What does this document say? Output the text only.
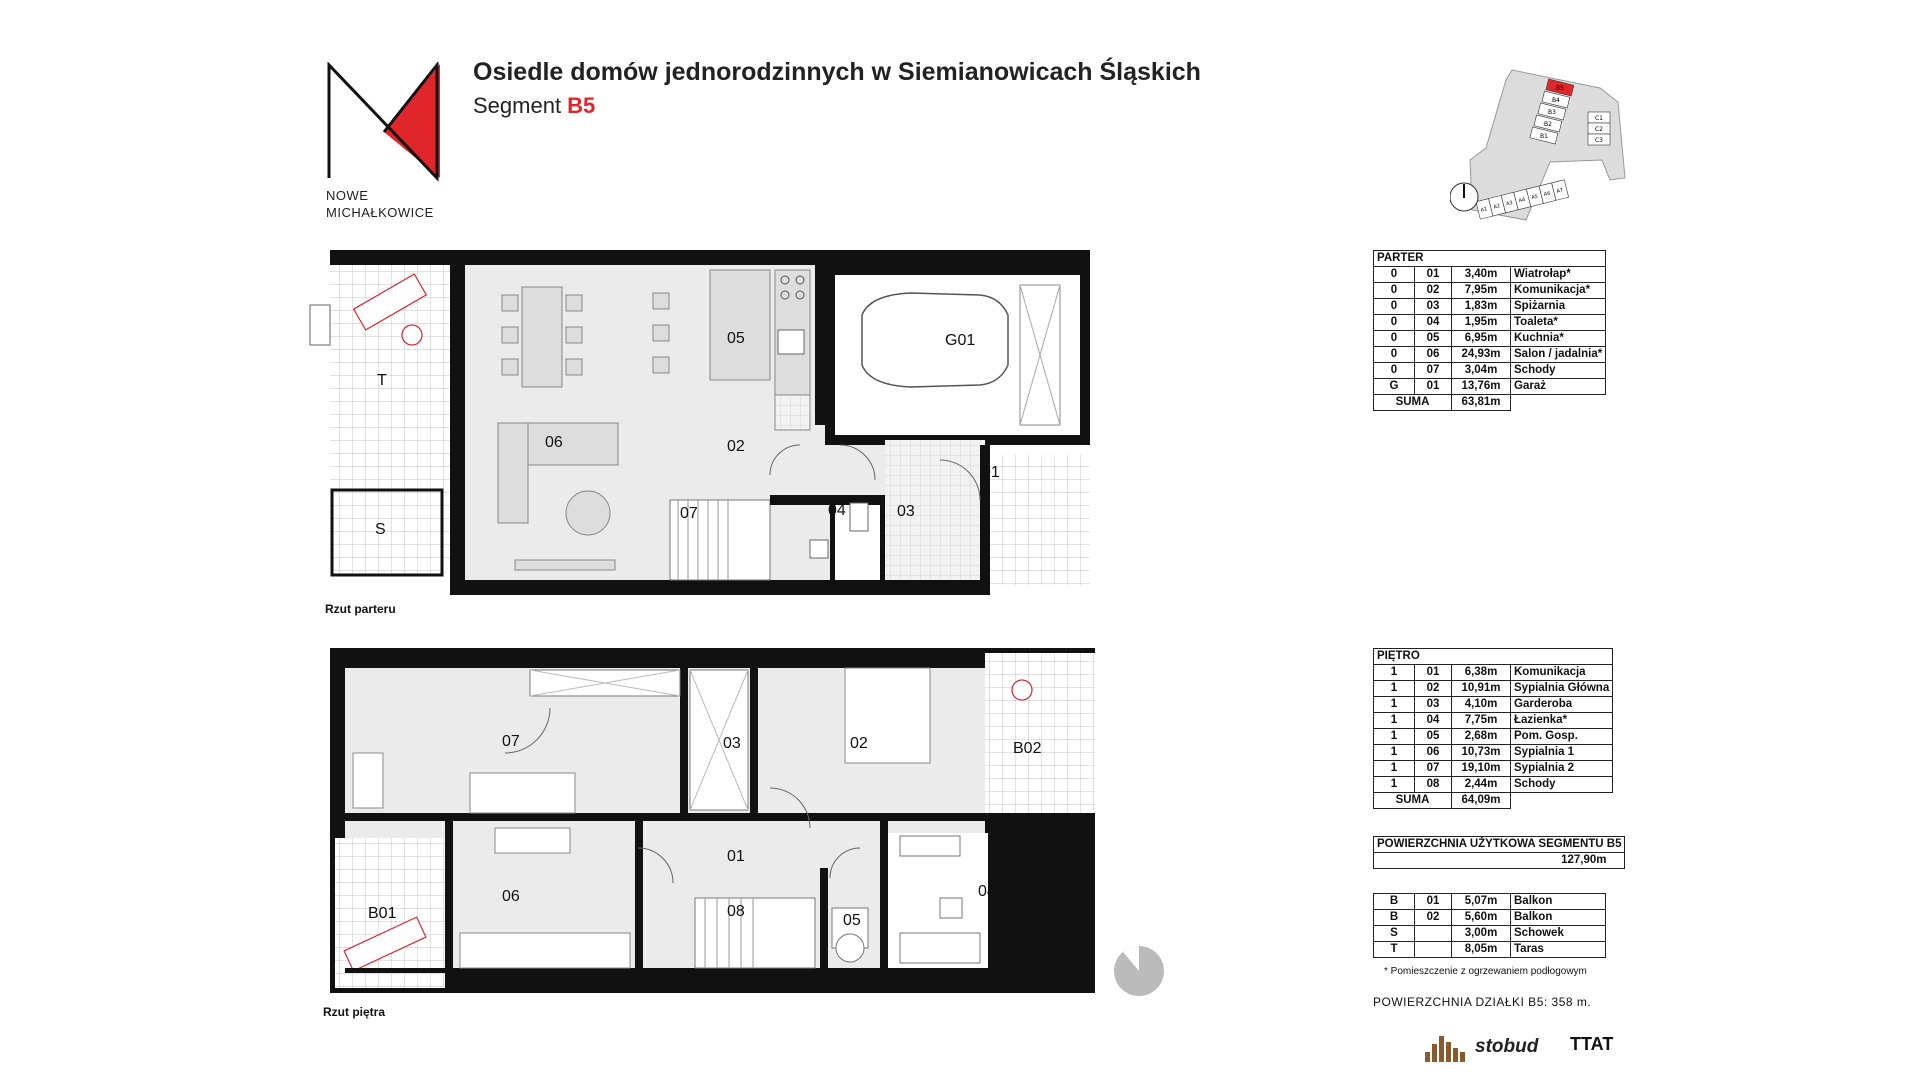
NOWE
MICHAŁKOWICE
Osiedle domów jednorodzinnych w Siemianowicach Śląskich
Segment B5
B5
B4
B3
B2
B1
C1
C2
C3
A1 A2 A3 A4 A5 A6 A7
T
S
06
05
02
07	04	03
01
G01
Rzut parteru
07	03	02	B02
01
06
08
05
04
B01
Rzut piętra
PARTER			
0	01	3,40m	Wiatrołap*
0	02	7,95m	Komunikacja*
0	03	1,83m	Spiżarnia
0	04	1,95m	Toaleta*
0	05	6,95m	Kuchnia*
0	06	24,93m	Salon / jadalnia*
0	07	3,04m	Schody
G	01	13,76m	Garaż
SUMA		63,81m	
PIĘTRO			
1	01	6,38m	Komunikacja
1	02	10,91m	Sypialnia Główna
1	03	4,10m	Garderoba
1	04	7,75m	Łazienka*
1	05	2,68m	Pom. Gosp.
1	06	10,73m	Sypialnia 1
1	07	19,10m	Sypialnia 2
1	08	2,44m	Schody
SUMA		64,09m	
POWIERZCHNIA UŻYTKOWA SEGMENTU B5
127,90m
B	01	5,07m	Balkon
B	02	5,60m	Balkon
S		3,00m	Schowek
T		8,05m	Taras
* Pomieszczenie z ogrzewaniem podłogowym
POWIERZCHNIA DZIAŁKI B5: 358 m.
stobud TTAT
